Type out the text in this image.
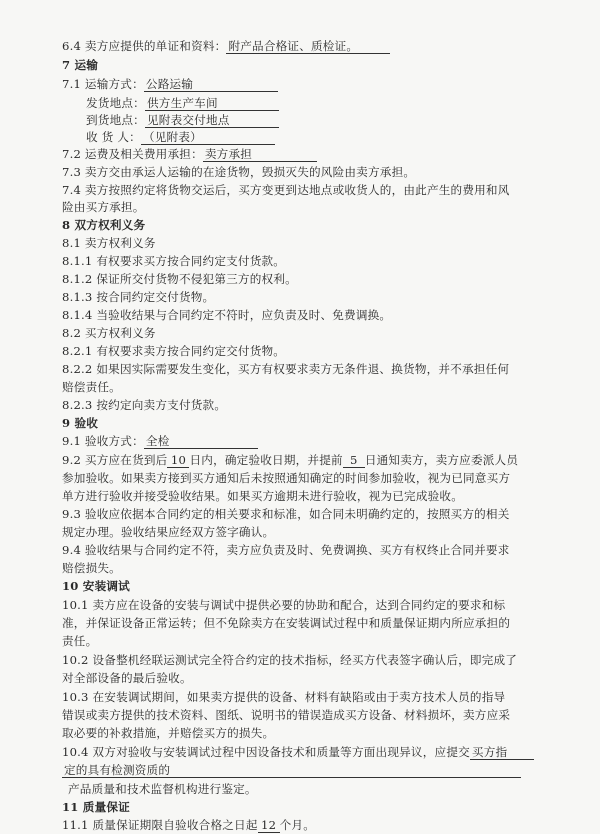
6.4 卖方应提供的单证和资料： 附产品合格证、质检证。
7 运输
7.1 运输方式： 公路运输
发货地点： 供方生产车间
到货地点： 见附表交付地点
收 货 人： （见附表）
7.2 运费及相关费用承担： 卖方承担
7.3 卖方交由承运人运输的在途货物，毁损灭失的风险由卖方承担。
7.4 卖方按照约定将货物交运后，买方变更到达地点或收货人的，由此产生的费用和风
险由买方承担。
8 双方权利义务
8.1 卖方权利义务
8.1.1 有权要求买方按合同约定支付货款。
8.1.2 保证所交付货物不侵犯第三方的权利。
8.1.3 按合同约定交付货物。
8.1.4 当验收结果与合同约定不符时，应负责及时、免费调换。
8.2 买方权利义务
8.2.1 有权要求卖方按合同约定交付货物。
8.2.2 如果因实际需要发生变化，买方有权要求卖方无条件退、换货物，并不承担任何
赔偿责任。
8.2.3 按约定向卖方支付货款。
9 验收
9.1 验收方式： 全检
9.2 买方应在货到后 10 日内，确定验收日期，并提前 5 日通知卖方，卖方应委派人员
参加验收。如果卖方接到买方通知后未按照通知确定的时间参加验收，视为已同意买方
单方进行验收并接受验收结果。如果买方逾期未进行验收，视为已完成验收。
9.3 验收应依据本合同约定的相关要求和标准，如合同未明确约定的，按照买方的相关
规定办理。验收结果应经双方签字确认。
9.4 验收结果与合同约定不符，卖方应负责及时、免费调换、买方有权终止合同并要求
赔偿损失。
10 安装调试
10.1 卖方应在设备的安装与调试中提供必要的协助和配合，达到合同约定的要求和标
准，并保证设备正常运转；但不免除卖方在安装调试过程中和质量保证期内所应承担的
责任。
10.2 设备整机经联运测试完全符合约定的技术指标，经买方代表签字确认后，即完成了
对全部设备的最后验收。
10.3 在安装调试期间，如果卖方提供的设备、材料有缺陷或由于卖方技术人员的指导
错误或卖方提供的技术资料、图纸、说明书的错误造成买方设备、材料损坏，卖方应采
取必要的补救措施，并赔偿买方的损失。
10.4 双方对验收与安装调试过程中因设备技术和质量等方面出现异议，应提交 买方指
定的具有检测资质的
产品质量和技术监督机构进行鉴定。
11 质量保证
11.1 质量保证期限自验收合格之日起 12 个月。
